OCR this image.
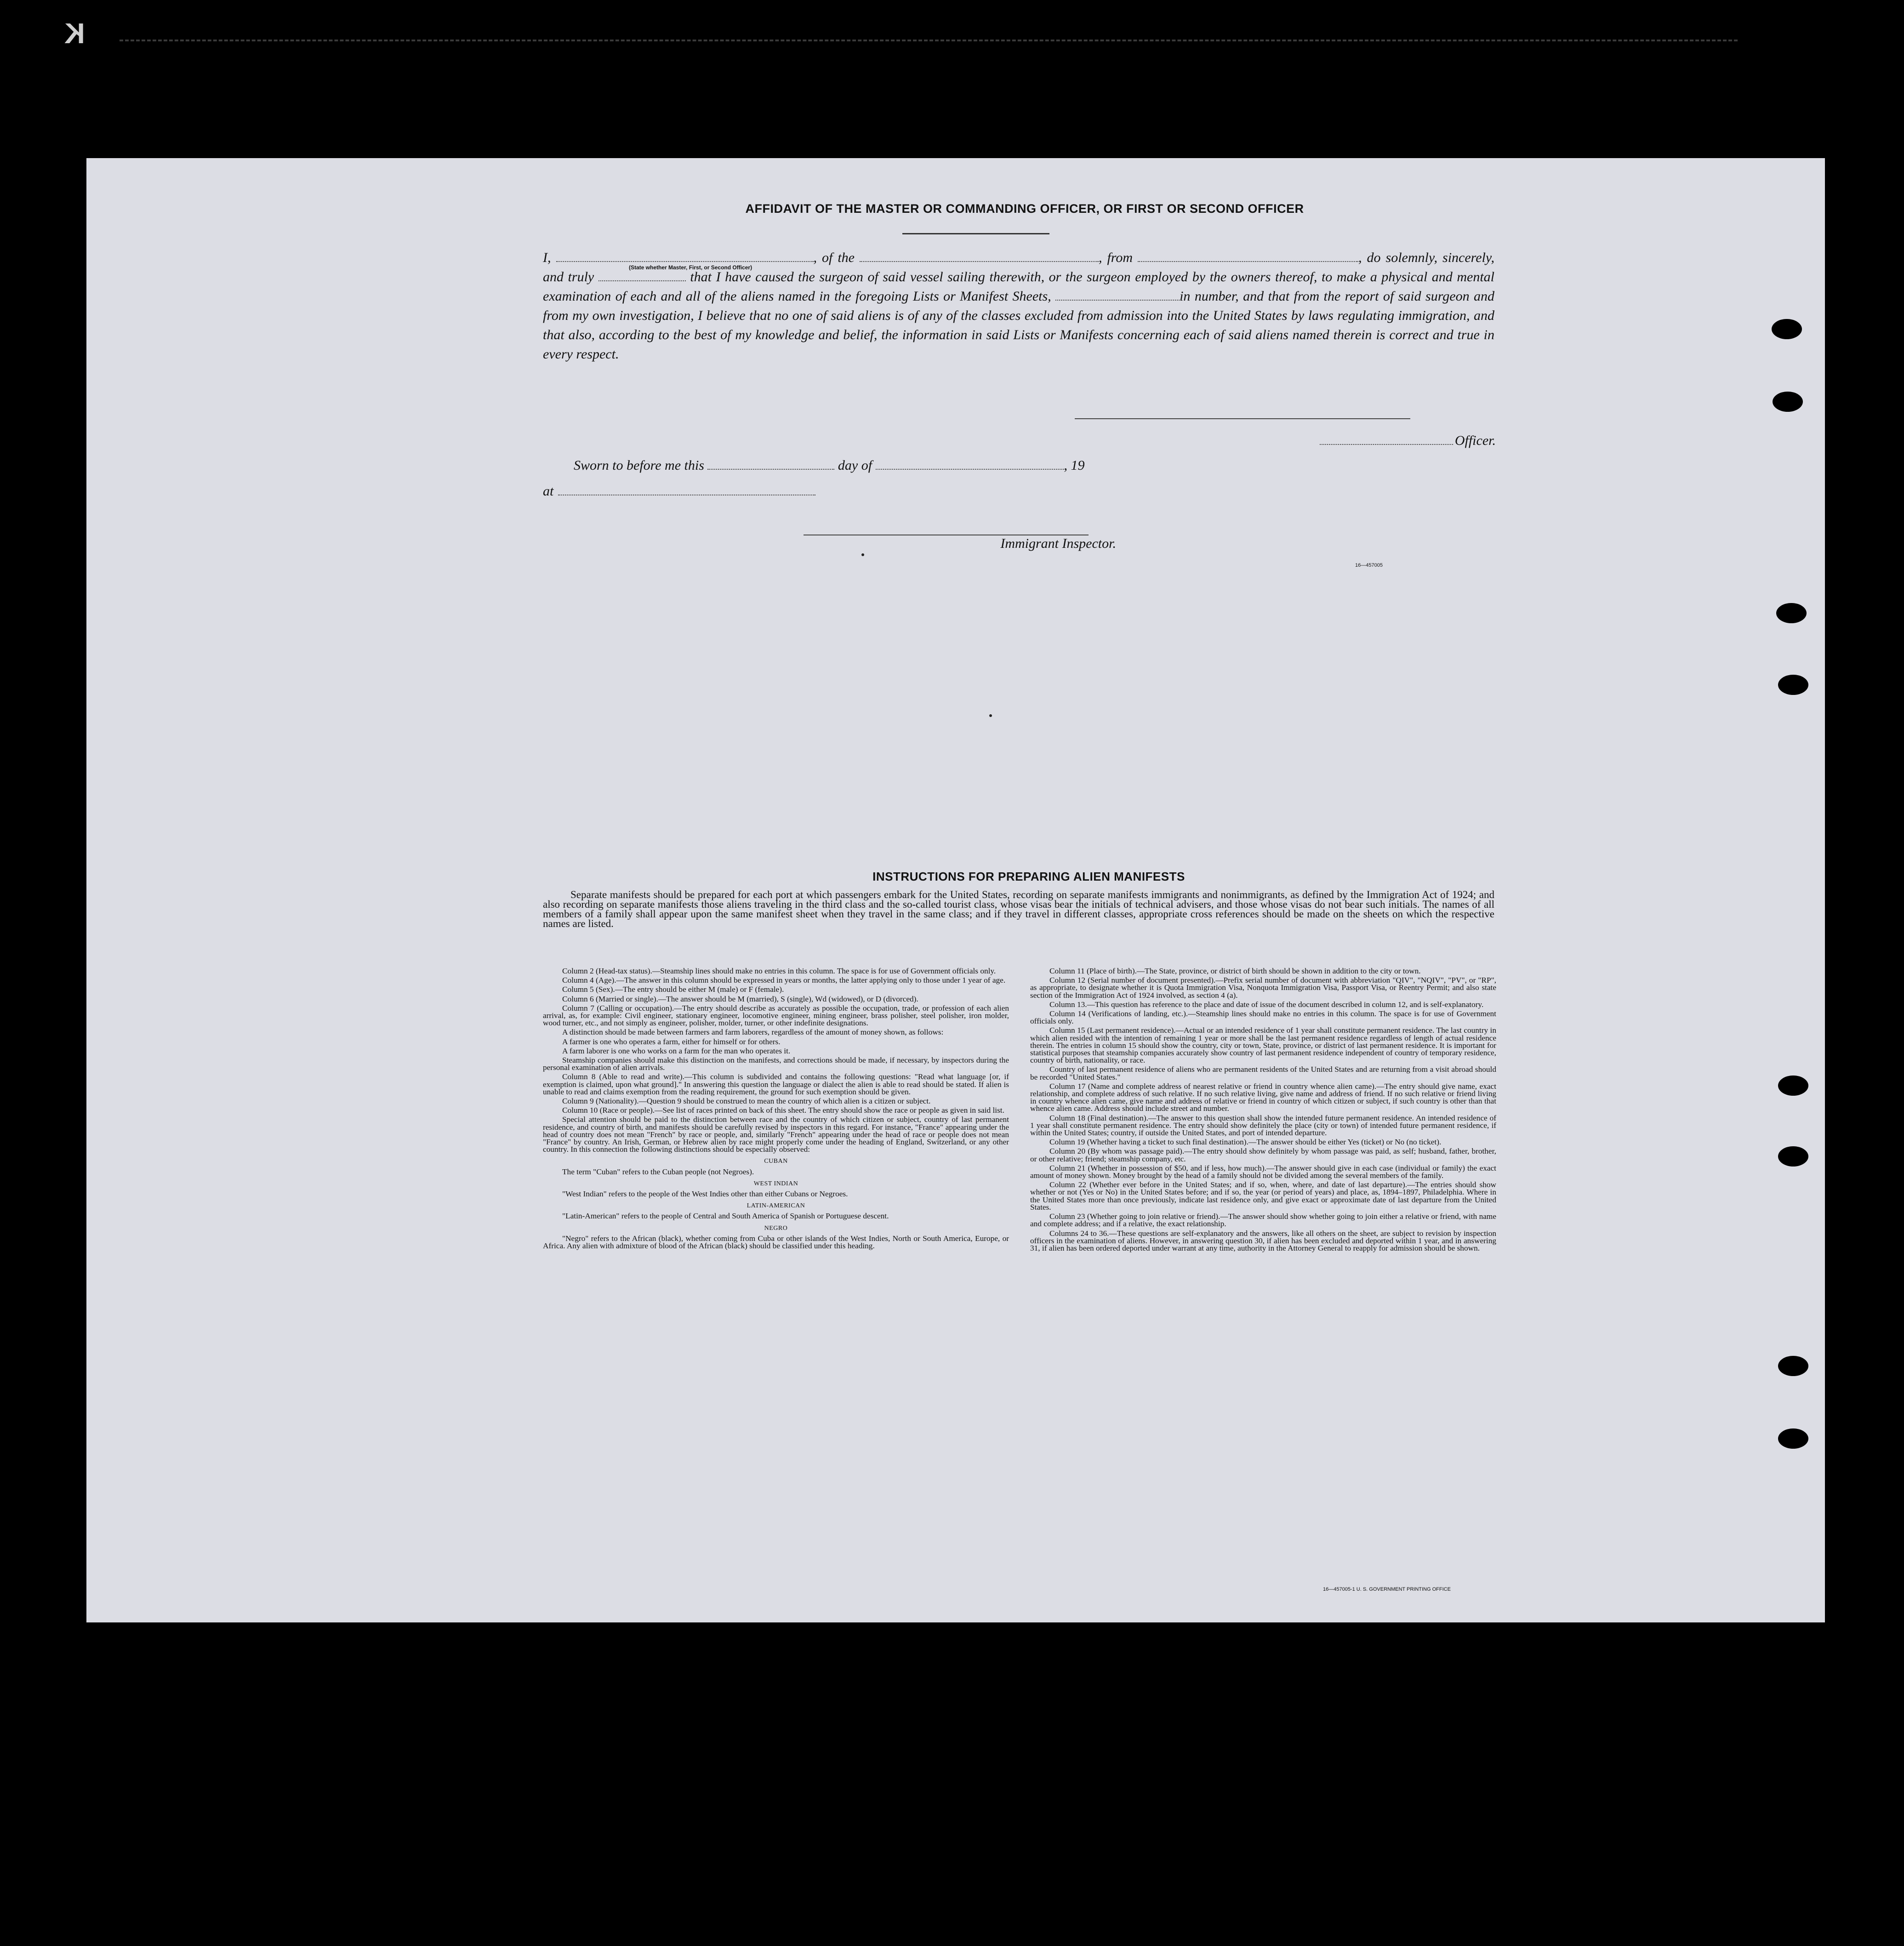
K
AFFIDAVIT OF THE MASTER OR COMMANDING OFFICER, OR FIRST OR SECOND OFFICER
(State whether Master, First, or Second Officer)
I,	, of the	, from	, do solemnly, sincerely, and truly	that I have caused the surgeon of said vessel sailing therewith, or the surgeon employed by the owners thereof, to make a physical and mental examination of each and all of the aliens named in the foregoing Lists or Manifest Sheets,	in number, and that from the report of said surgeon and from my own investigation, I believe that no one of said aliens is of any of the classes excluded from admission into the United States by laws regulating immigration, and that also, according to the best of my knowledge and belief, the information in said Lists or Manifests concerning each of said aliens named therein is correct and true in every respect.
Officer.
Sworn to before me this	day of	, 19
at
Immigrant Inspector.
16—457005
INSTRUCTIONS FOR PREPARING ALIEN MANIFESTS
Separate manifests should be prepared for each port at which passengers embark for the United States, recording on separate manifests immigrants and nonimmigrants, as defined by the Immigration Act of 1924; and also recording on separate manifests those aliens traveling in the third class and the so-called tourist class, whose visas bear the initials of technical advisers, and those whose visas do not bear such initials. The names of all members of a family shall appear upon the same manifest sheet when they travel in the same class; and if they travel in different classes, appropriate cross references should be made on the sheets on which the respective names are listed.

Column 2 (Head-tax status).—Steamship lines should make no entries in this column. The space is for use of Government officials only.

Column 4 (Age).—The answer in this column should be expressed in years or months, the latter applying only to those under 1 year of age.

Column 5 (Sex).—The entry should be either M (male) or F (female).

Column 6 (Married or single).—The answer should be M (married), S (single), Wd (widowed), or D (divorced).

Column 7 (Calling or occupation).—The entry should describe as accurately as possible the occupation, trade, or profession of each alien arrival, as, for example: Civil engineer, stationary engineer, locomotive engineer, mining engineer, brass polisher, steel polisher, iron molder, wood turner, etc., and not simply as engineer, polisher, molder, turner, or other indefinite designations.

A distinction should be made between farmers and farm laborers, regardless of the amount of money shown, as follows:

A farmer is one who operates a farm, either for himself or for others.

A farm laborer is one who works on a farm for the man who operates it.

Steamship companies should make this distinction on the manifests, and corrections should be made, if necessary, by inspectors during the personal examination of alien arrivals.

Column 8 (Able to read and write).—This column is subdivided and contains the following questions: "Read what language [or, if exemption is claimed, upon what ground]." In answering this question the language or dialect the alien is able to read should be stated. If alien is unable to read and claims exemption from the reading requirement, the ground for such exemption should be given.

Column 9 (Nationality).—Question 9 should be construed to mean the country of which alien is a citizen or subject.

Column 10 (Race or people).—See list of races printed on back of this sheet. The entry should show the race or people as given in said list.

Special attention should be paid to the distinction between race and the country of which citizen or subject, country of last permanent residence, and country of birth, and manifests should be carefully revised by inspectors in this regard. For instance, "France" appearing under the head of country does not mean "French" by race or people, and, similarly "French" appearing under the head of race or people does not mean "France" by country. An Irish, German, or Hebrew alien by race might properly come under the heading of England, Switzerland, or any other country. In this connection the following distinctions should be especially observed:

CUBAN

The term "Cuban" refers to the Cuban people (not Negroes).

WEST INDIAN

"West Indian" refers to the people of the West Indies other than either Cubans or Negroes.

LATIN-AMERICAN

"Latin-American" refers to the people of Central and South America of Spanish or Portuguese descent.

NEGRO

"Negro" refers to the African (black), whether coming from Cuba or other islands of the West Indies, North or South America, Europe, or Africa. Any alien with admixture of blood of the African (black) should be classified under this heading.

Column 11 (Place of birth).—The State, province, or district of birth should be shown in addition to the city or town.

Column 12 (Serial number of document presented).—Prefix serial number of document with abbreviation "QIV", "NQIV", "PV", or "RP", as appropriate, to designate whether it is Quota Immigration Visa, Nonquota Immigration Visa, Passport Visa, or Reentry Permit; and also state section of the Immigration Act of 1924 involved, as section 4 (a).

Column 13.—This question has reference to the place and date of issue of the document described in column 12, and is self-explanatory.

Column 14 (Verifications of landing, etc.).—Steamship lines should make no entries in this column. The space is for use of Government officials only.

Column 15 (Last permanent residence).—Actual or an intended residence of 1 year shall constitute permanent residence. The last country in which alien resided with the intention of remaining 1 year or more shall be the last permanent residence regardless of length of actual residence therein. The entries in column 15 should show the country, city or town, State, province, or district of last permanent residence. It is important for statistical purposes that steamship companies accurately show country of last permanent residence independent of country of temporary residence, country of birth, nationality, or race.

Country of last permanent residence of aliens who are permanent residents of the United States and are returning from a visit abroad should be recorded "United States."

Column 17 (Name and complete address of nearest relative or friend in country whence alien came).—The entry should give name, exact relationship, and complete address of such relative. If no such relative living, give name and address of friend. If no such relative or friend living in country whence alien came, give name and address of relative or friend in country of which citizen or subject, if such country is other than that whence alien came. Address should include street and number.

Column 18 (Final destination).—The answer to this question shall show the intended future permanent residence. An intended residence of 1 year shall constitute permanent residence. The entry should show definitely the place (city or town) of intended future permanent residence, if within the United States; country, if outside the United States, and port of intended departure.

Column 19 (Whether having a ticket to such final destination).—The answer should be either Yes (ticket) or No (no ticket).

Column 20 (By whom was passage paid).—The entry should show definitely by whom passage was paid, as self; husband, father, brother, or other relative; friend; steamship company, etc.

Column 21 (Whether in possession of $50, and if less, how much).—The answer should give in each case (individual or family) the exact amount of money shown. Money brought by the head of a family should not be divided among the several members of the family.

Column 22 (Whether ever before in the United States; and if so, when, where, and date of last departure).—The entries should show whether or not (Yes or No) in the United States before; and if so, the year (or period of years) and place, as, 1894–1897, Philadelphia. Where in the United States more than once previously, indicate last residence only, and give exact or approximate date of last departure from the United States.

Column 23 (Whether going to join relative or friend).—The answer should show whether going to join either a relative or friend, with name and complete address; and if a relative, the exact relationship.

Columns 24 to 36.—These questions are self-explanatory and the answers, like all others on the sheet, are subject to revision by inspection officers in the examination of aliens. However, in answering question 30, if alien has been excluded and deported within 1 year, and in answering 31, if alien has been ordered deported under warrant at any time, authority in the Attorney General to reapply for admission should be shown.

16—457005-1 U. S. GOVERNMENT PRINTING OFFICE
